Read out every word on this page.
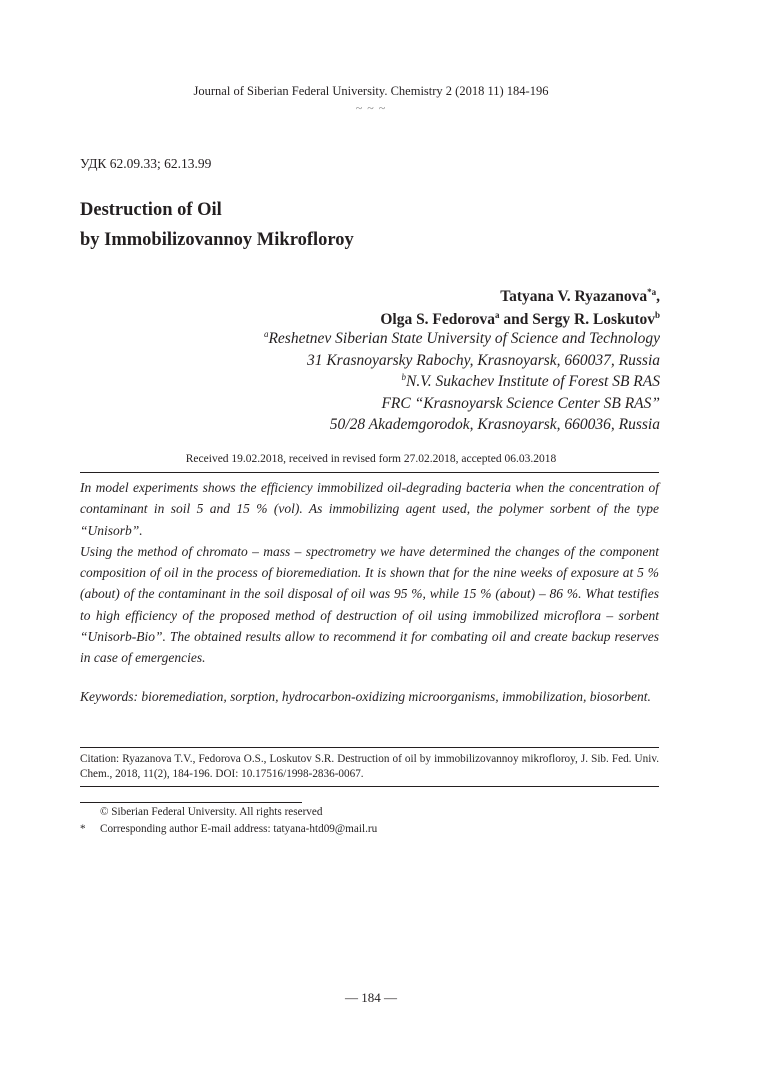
Journal of Siberian Federal University. Chemistry 2 (2018 11) 184-196
~ ~ ~
УДК 62.09.33; 62.13.99
Destruction of Oil
by Immobilizovannoy Mikrofloroy
Tatyana V. Ryazanova$^{*a}$,
Olga S. Fedorova$^a$ and Sergy R. Loskutov$^b$
$^a$Reshetnev Siberian State University of Science and Technology
31 Krasnoyarsky Rabochy, Krasnoyarsk, 660037, Russia
$^b$N.V. Sukachev Institute of Forest SB RAS
FRC “Krasnoyarsk Science Center SB RAS”
50/28 Akademgorodok, Krasnoyarsk, 660036, Russia
Received 19.02.2018, received in revised form 27.02.2018, accepted 06.03.2018

In model experiments shows the efficiency immobilized oil-degrading bacteria when the concentration of contaminant in soil 5 and 15 % (vol). As immobilizing agent used, the polymer sorbent of the type “Unisorb”.

Using the method of chromato – mass – spectrometry we have determined the changes of the component composition of oil in the process of bioremediation. It is shown that for the nine weeks of exposure at 5 % (about) of the contaminant in the soil disposal of oil was 95 %, while 15 % (about) – 86 %. What testifies to high efficiency of the proposed method of destruction of oil using immobilized microflora – sorbent “Unisorb-Bio”. The obtained results allow to recommend it for combating oil and create backup reserves in case of emergencies.

Keywords: bioremediation, sorption, hydrocarbon-oxidizing microorganisms, immobilization, biosorbent.
Citation: Ryazanova T.V., Fedorova O.S., Loskutov S.R. Destruction of oil by immobilizovannoy mikrofloroy, J. Sib. Fed. Univ. Chem., 2018, 11(2), 184-196. DOI: 10.17516/1998-2836-0067.
© Siberian Federal University. All rights reserved
* Corresponding author E-mail address: tatyana-htd09@mail.ru
— 184 —
